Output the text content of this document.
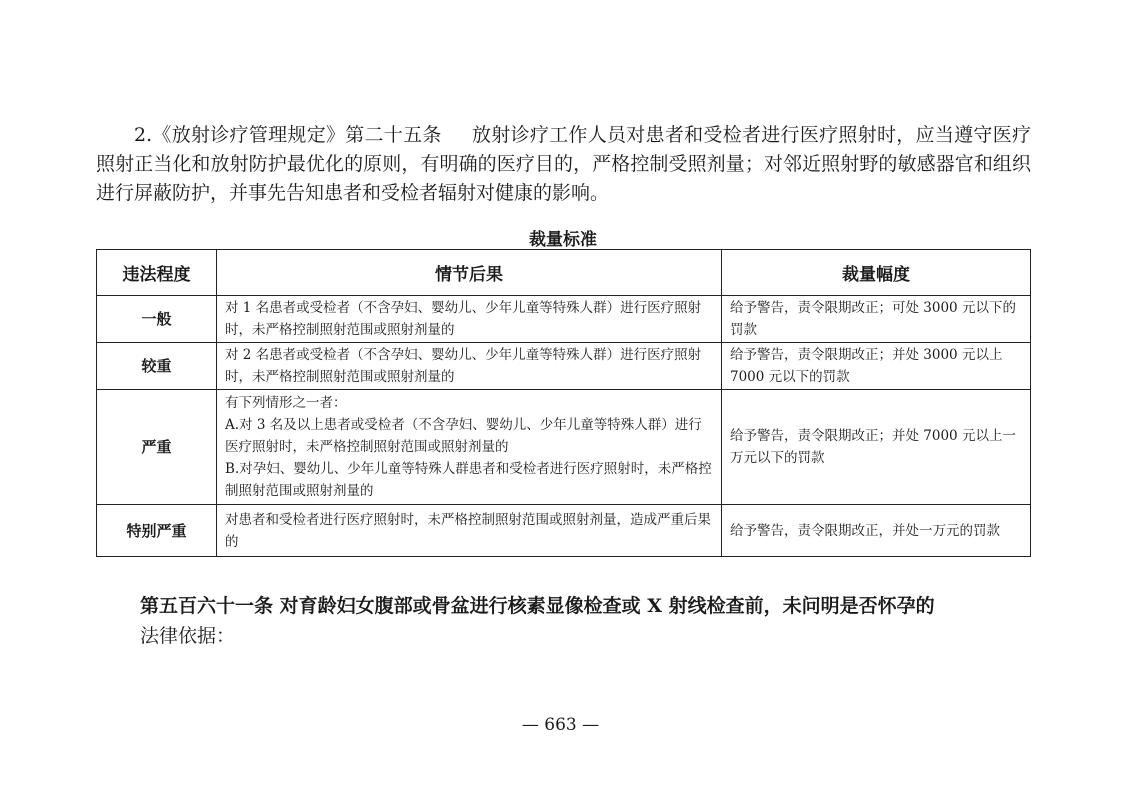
2.《放射诊疗管理规定》第二十五条 放射诊疗工作人员对患者和受检者进行医疗照射时，应当遵守医疗照射正当化和放射防护最优化的原则，有明确的医疗目的，严格控制受照剂量；对邻近照射野的敏感器官和组织进行屏蔽防护，并事先告知患者和受检者辐射对健康的影响。

裁量标准
违法程度	情节后果	裁量幅度
一般	对 1 名患者或受检者（不含孕妇、婴幼儿、少年儿童等特殊人群）进行医疗照射时，未严格控制照射范围或照射剂量的	给予警告，责令限期改正；可处 3000 元以下的罚款
较重	对 2 名患者或受检者（不含孕妇、婴幼儿、少年儿童等特殊人群）进行医疗照射时，未严格控制照射范围或照射剂量的	给予警告，责令限期改正；并处 3000 元以上 7000 元以下的罚款
严重	有下列情形之一者：
A.对 3 名及以上患者或受检者（不含孕妇、婴幼儿、少年儿童等特殊人群）进行医疗照射时，未严格控制照射范围或照射剂量的
B.对孕妇、婴幼儿、少年儿童等特殊人群患者和受检者进行医疗照射时，未严格控制照射范围或照射剂量的	给予警告，责令限期改正；并处 7000 元以上一万元以下的罚款
特别严重	对患者和受检者进行医疗照射时，未严格控制照射范围或照射剂量，造成严重后果的	给予警告，责令限期改正，并处一万元的罚款

第五百六十一条 对育龄妇女腹部或骨盆进行核素显像检查或 X 射线检查前，未问明是否怀孕的

法律依据：

— 663 —
